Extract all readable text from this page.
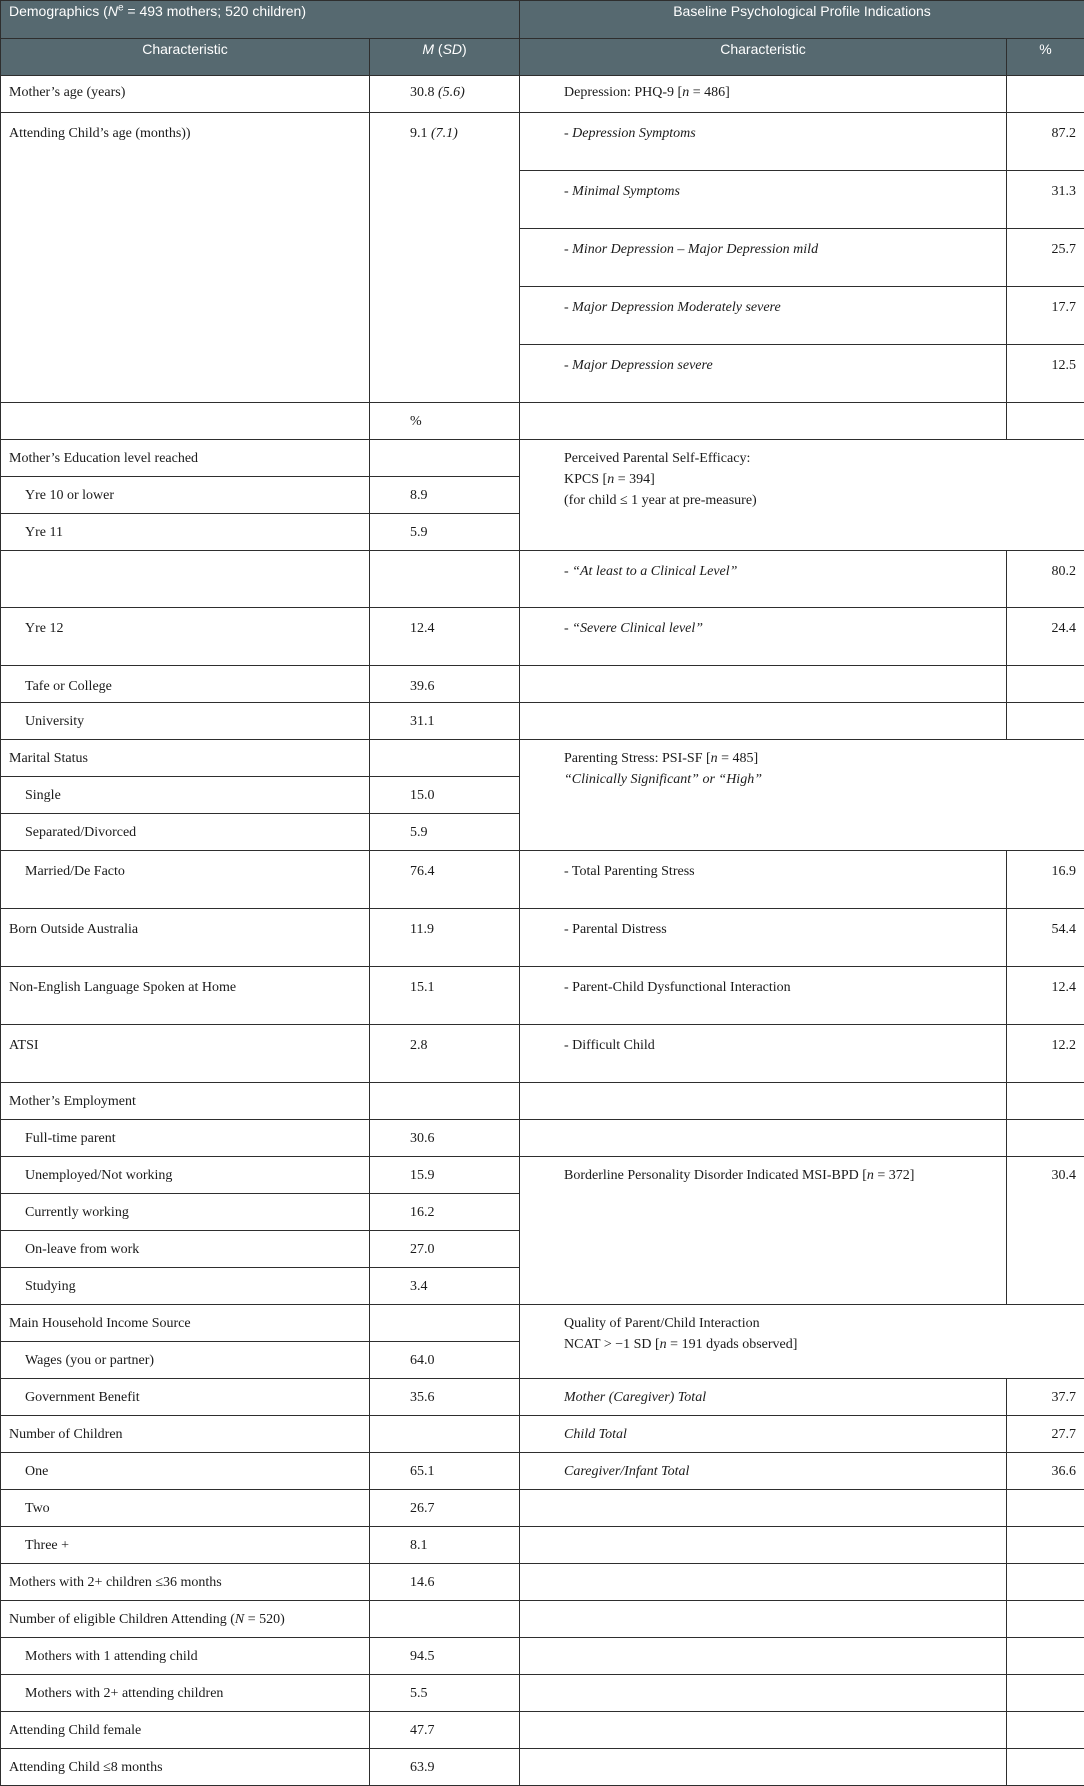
Demographics ($N^e = 493$ mothers; 520 children)		Baseline Psychological Profile Indications	
Characteristic	M (SD)	Characteristic	%

Mother’s age (years)	30.8 (5.6)	Depression: PHQ-9 [n = 486]	

Attending Child’s age (months))	9.1 (7.1)	- Depression Symptoms	87.2

		- Minimal Symptoms	31.3

		- Minor Depression – Major Depression mild	25.7

		- Major Depression Moderately severe	17.7

		- Major Depression severe	12.5

	%		

Mother’s Education level reached		Perceived Parental Self-Efficacy:
KPCS [n = 394]
(for child ≤ 1 year at pre-measure)	

Yre 10 or lower	8.9		

Yre 11	5.9		

		- “At least to a Clinical Level”	80.2

Yre 12	12.4	- “Severe Clinical level”	24.4

Tafe or College	39.6		

University	31.1		

Marital Status		Parenting Stress: PSI-SF [n = 485]
“Clinically Significant” or “High”	

Single	15.0		

Separated/Divorced	5.9		

Married/De Facto	76.4	- Total Parenting Stress	16.9

Born Outside Australia	11.9	- Parental Distress	54.4

Non-English Language Spoken at Home	15.1	- Parent-Child Dysfunctional Interaction	12.4

ATSI	2.8	- Difficult Child	12.2

Mother’s Employment			

Full-time parent	30.6		

Unemployed/Not working	15.9	Borderline Personality Disorder Indicated MSI-BPD [n = 372]	30.4

Currently working	16.2		

On-leave from work	27.0		

Studying	3.4		

Main Household Income Source		Quality of Parent/Child Interaction
NCAT > −1 SD [n = 191 dyads observed]	

Wages (you or partner)	64.0		

Government Benefit	35.6	Mother (Caregiver) Total	37.7

Number of Children		Child Total	27.7

One	65.1	Caregiver/Infant Total	36.6

Two	26.7		

Three +	8.1		

Mothers with 2+ children ≤36 months	14.6		

Number of eligible Children Attending (N = 520)			

Mothers with 1 attending child	94.5		

Mothers with 2+ attending children	5.5		

Attending Child female	47.7		

Attending Child ≤8 months	63.9		
